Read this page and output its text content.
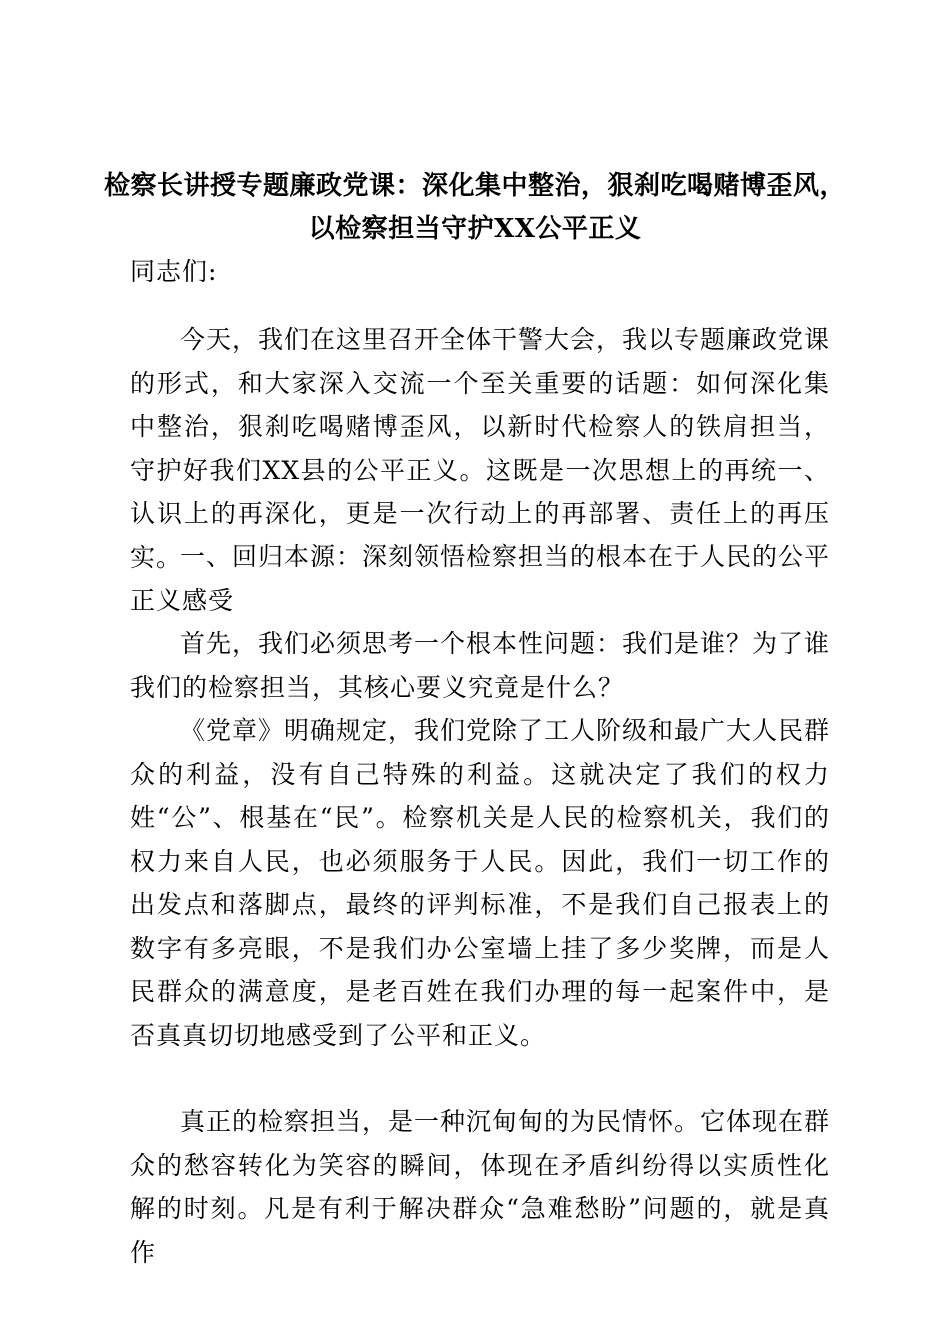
检察长讲授专题廉政党课：深化集中整治，狠刹吃喝赌博歪风，
以检察担当守护XX公平正义
同志们:
今天，我们在这里召开全体干警大会，我以专题廉政党课的形式，和大家深入交流一个至关重要的话题：如何深化集中整治，狠刹吃喝赌博歪风，以新时代检察人的铁肩担当，守护好我们XX县的公平正义。这既是一次思想上的再统一、认识上的再深化，更是一次行动上的再部署、责任上的再压实。
一、回归本源：深刻领悟检察担当的根本在于人民的公平正义感受
首先，我们必须思考一个根本性问题：我们是谁？为了谁我们的检察担当，其核心要义究竟是什么？
《党章》明确规定，我们党除了工人阶级和最广大人民群众的利益，没有自己特殊的利益。这就决定了我们的权力姓“公”、根基在“民”。检察机关是人民的检察机关，我们的权力来自人民，也必须服务于人民。因此，我们一切工作的出发点和落脚点，最终的评判标准，不是我们自己报表上的数字有多亮眼，不是我们办公室墙上挂了多少奖牌，而是人民群众的满意度，是老百姓在我们办理的每一起案件中，是否真真切切地感受到了公平和正义。
真正的检察担当，是一种沉甸甸的为民情怀。它体现在群众的愁容转化为笑容的瞬间，体现在矛盾纠纷得以实质性化解的时刻。凡是有利于解决群众“急难愁盼”问题的，就是真作
